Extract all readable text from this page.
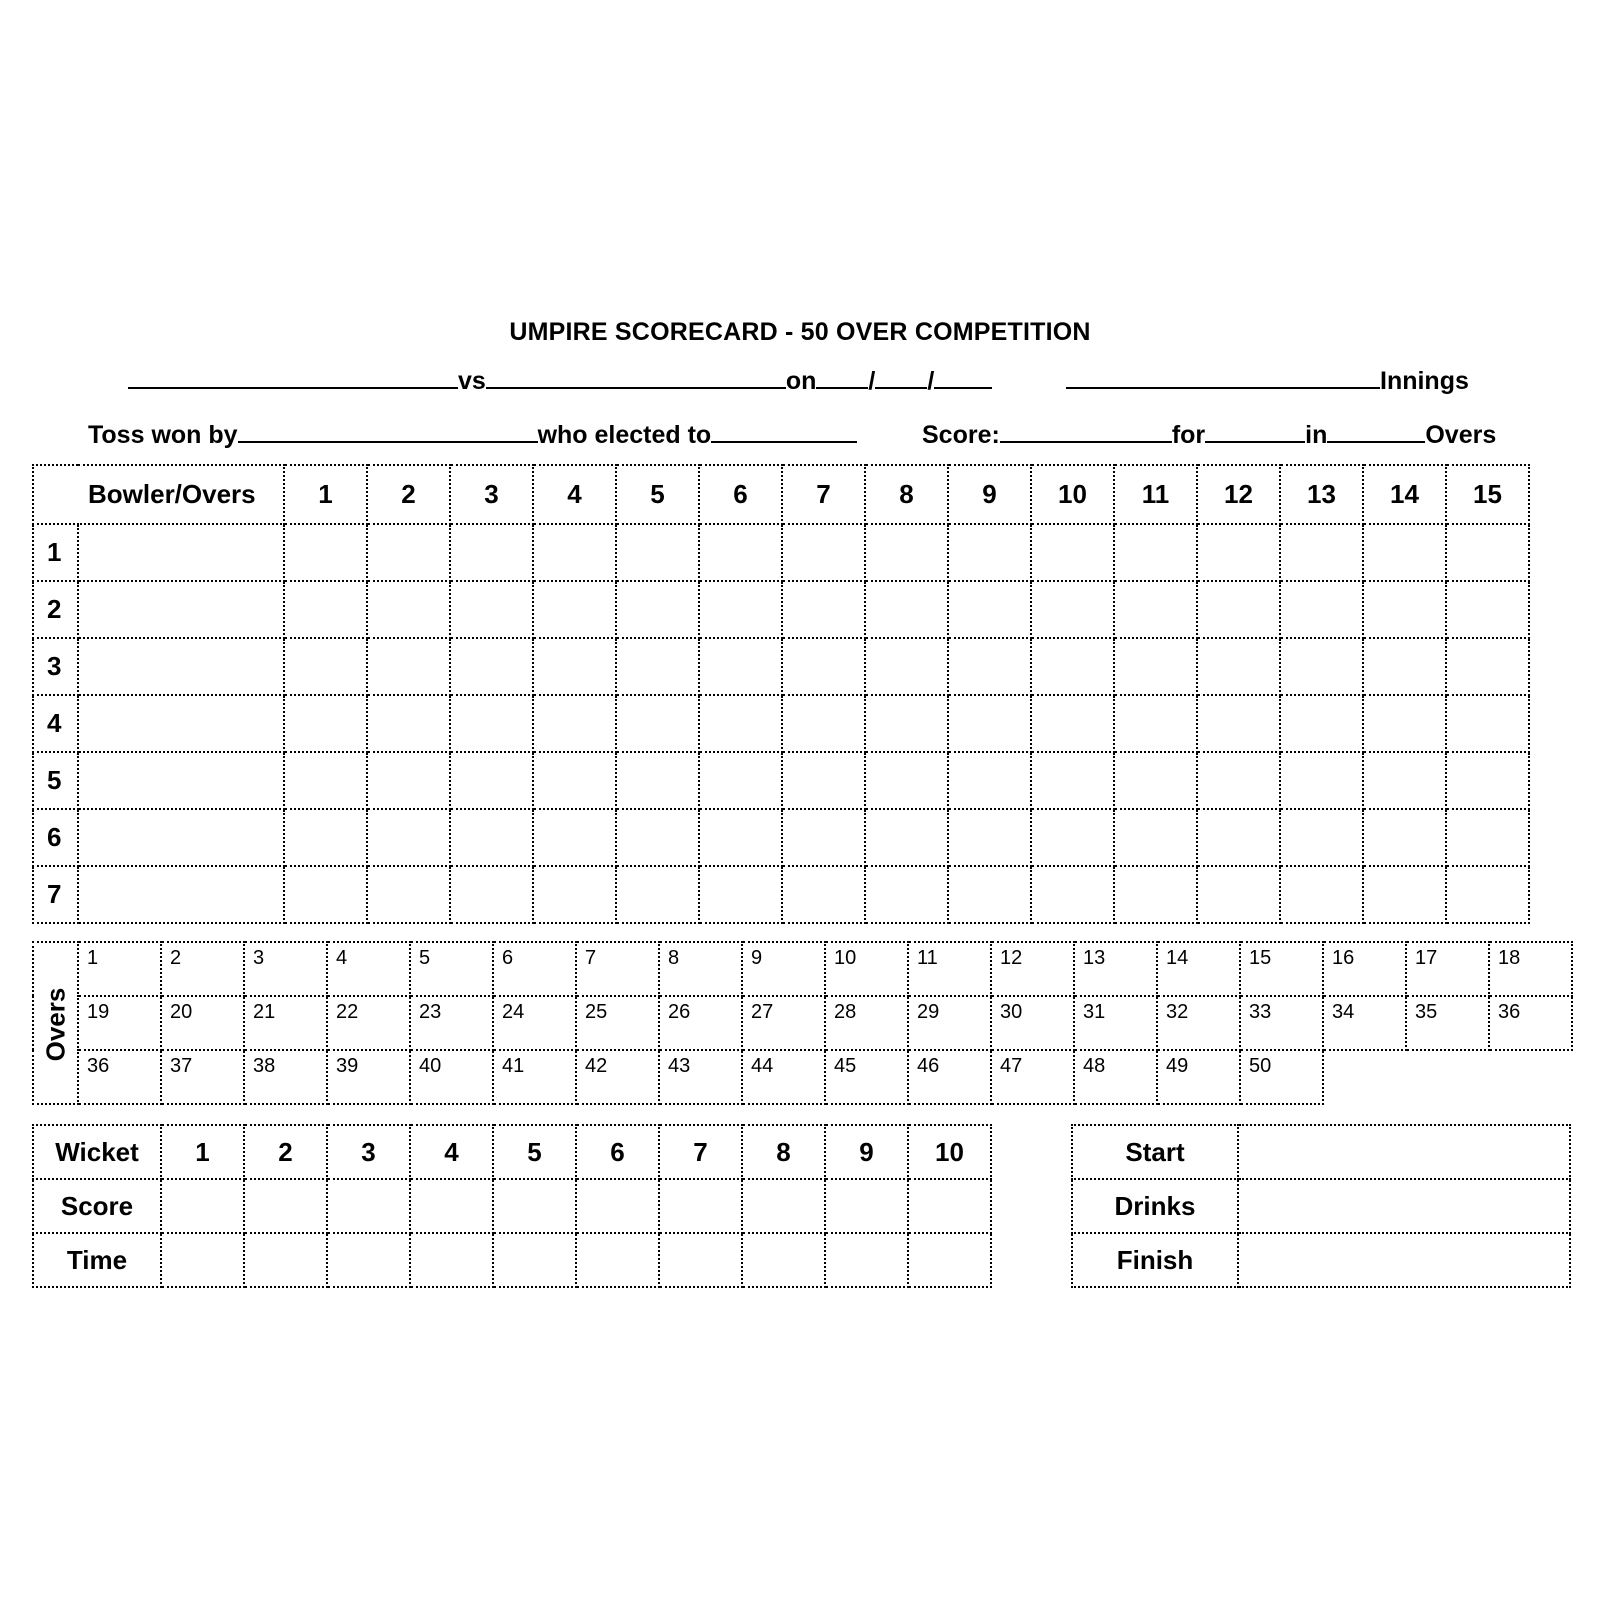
UMPIRE SCORECARD - 50 OVER COMPETITION
vs	on / /	Innings
Toss won by	who elected to	Score:	for	in	Overs
Bowler/Overs		1	2	3	4	5	6	7	8	9	10	11	12	13	14	15
1																
2																
3																
4																
5																
6																
7																
Overs	1	2	3	4	5	6	7	8	9	10	11	12	13	14	15	16	17	18
	19	20	21	22	23	24	25	26	27	28	29	30	31	32	33	34	35	36
	36	37	38	39	40	41	42	43	44	45	46	47	48	49	50			
Wicket	1	2	3	4	5	6	7	8	9	10
Score										
Time										
Start	
Drinks	
Finish	
